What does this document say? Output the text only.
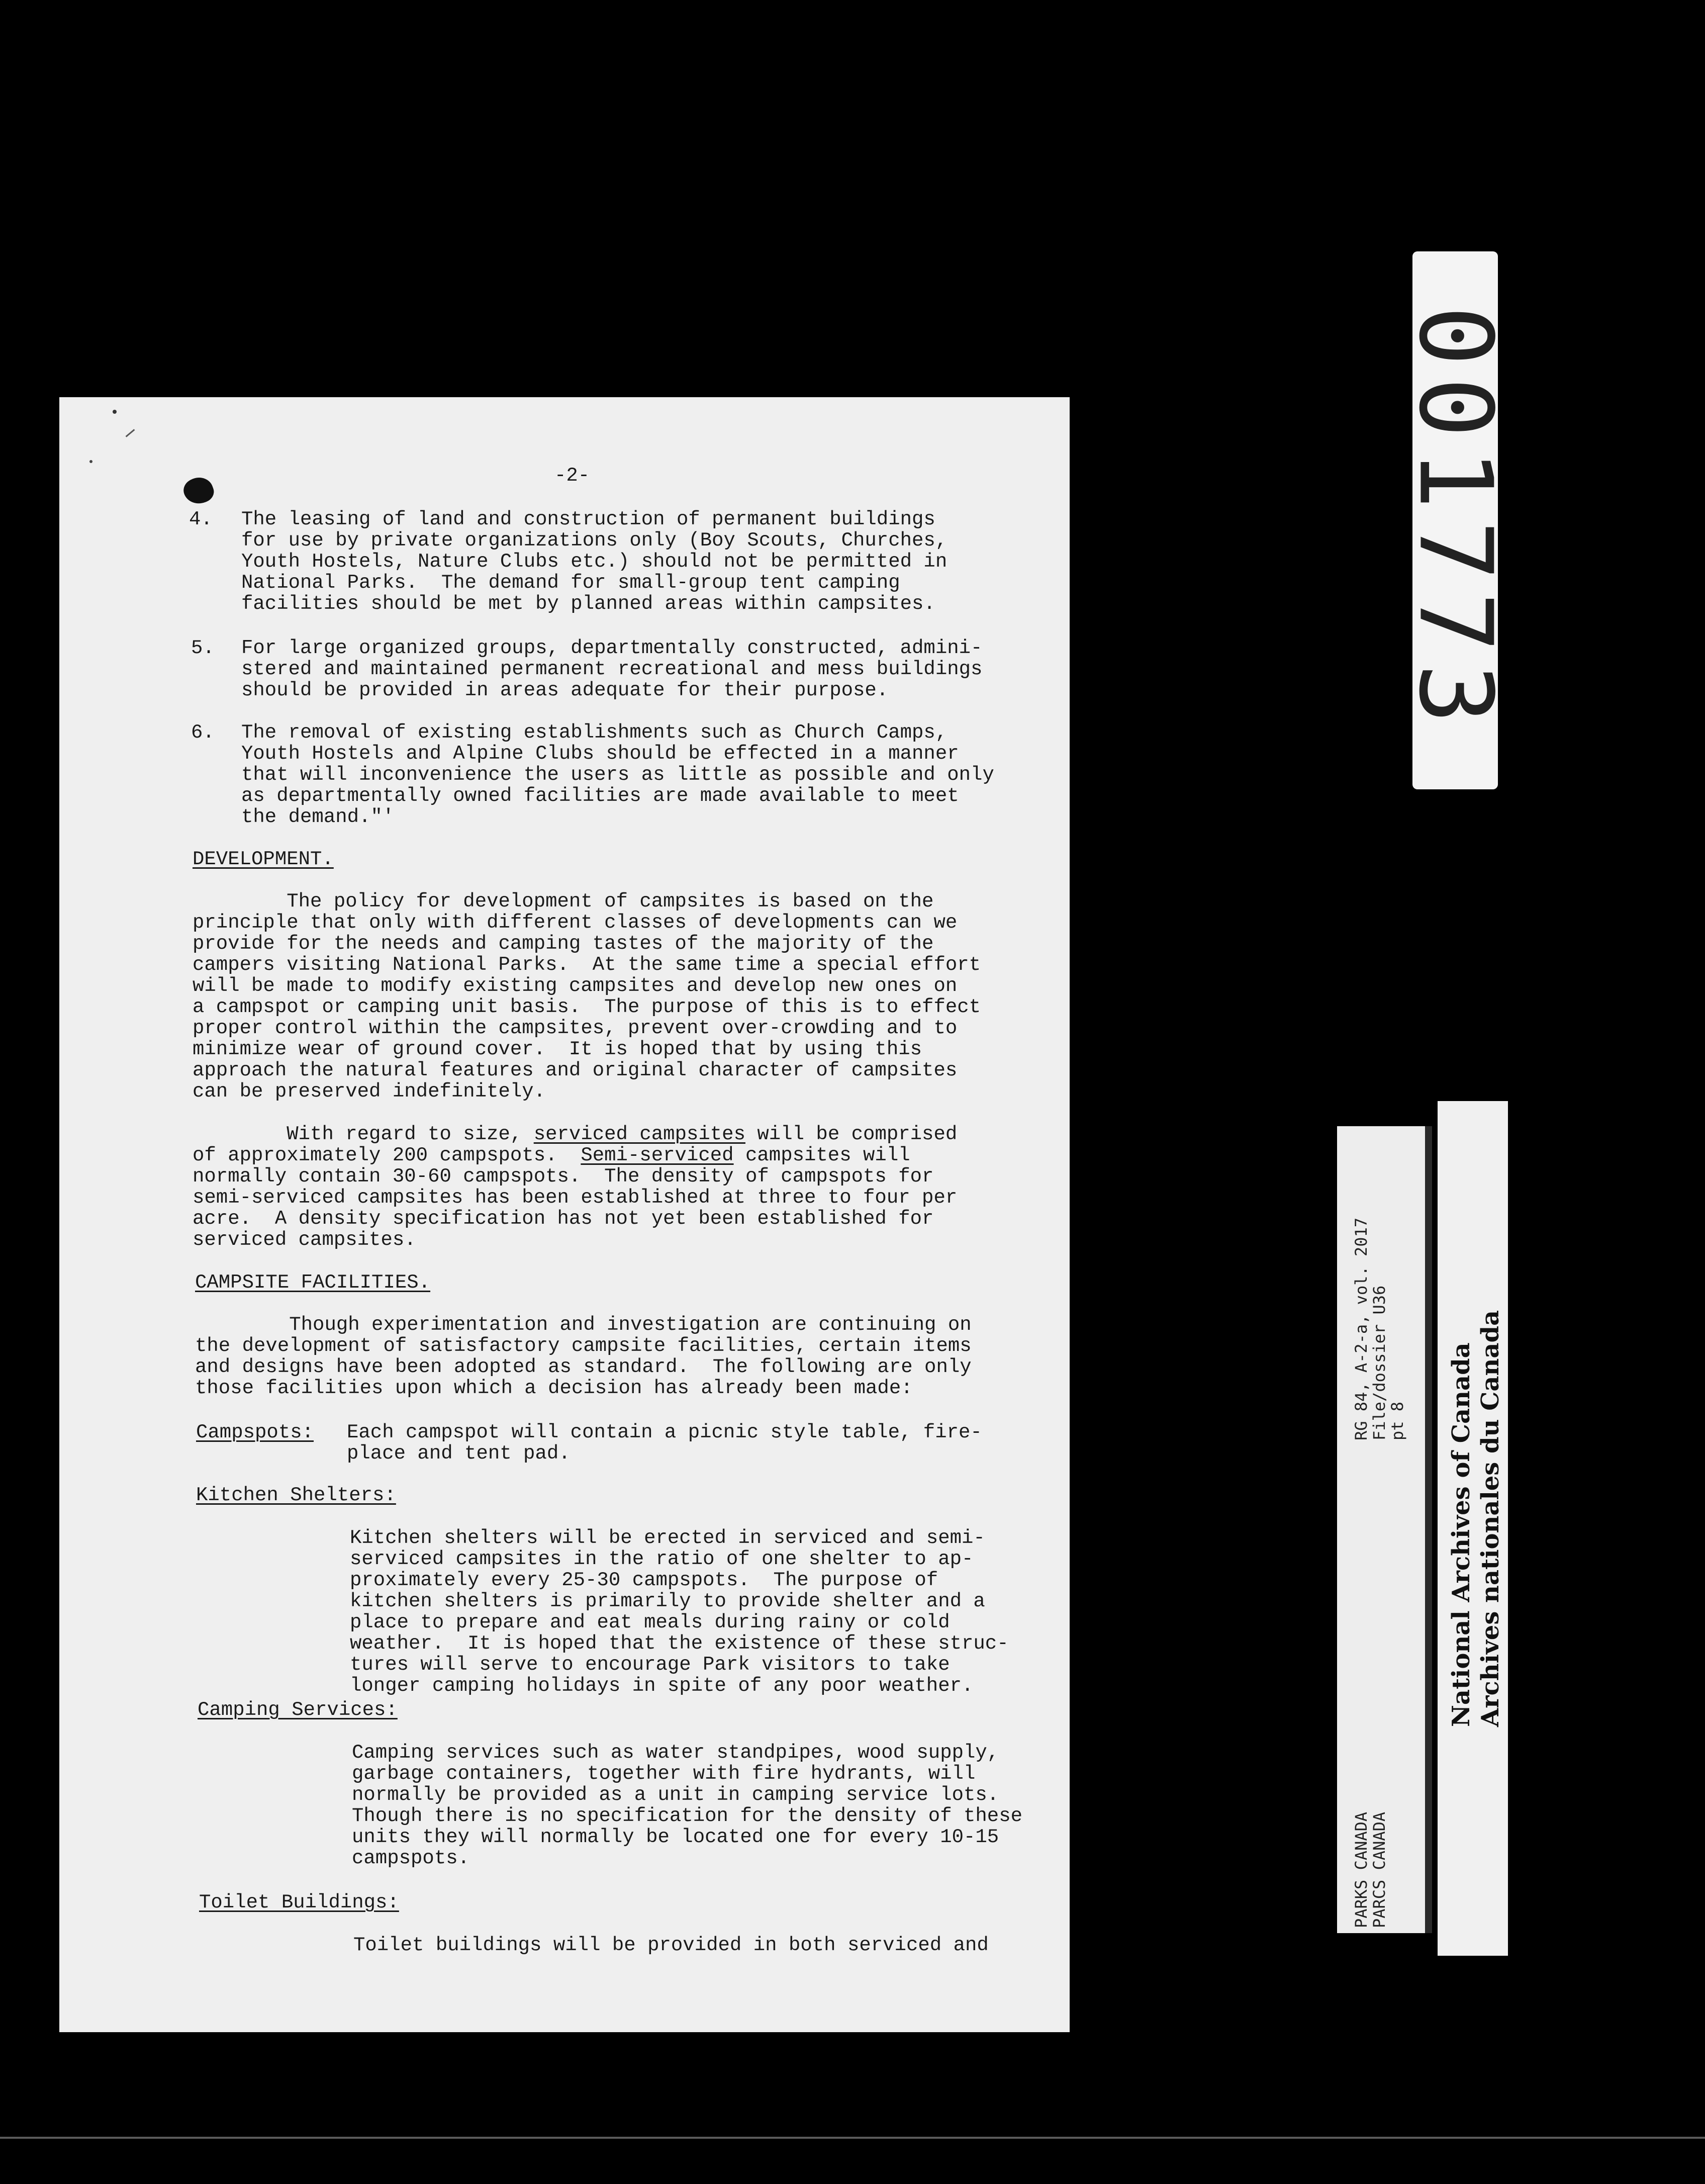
-2-
4. The leasing of land and construction of permanent buildings
for use by private organizations only (Boy Scouts, Churches,
Youth Hostels, Nature Clubs etc.) should not be permitted in
National Parks.  The demand for small-group tent camping
facilities should be met by planned areas within campsites.
5. For large organized groups, departmentally constructed, admini-
stered and maintained permanent recreational and mess buildings
should be provided in areas adequate for their purpose.
6. The removal of existing establishments such as Church Camps,
Youth Hostels and Alpine Clubs should be effected in a manner
that will inconvenience the users as little as possible and only
as departmentally owned facilities are made available to meet
the demand."'
DEVELOPMENT.
The policy for development of campsites is based on the
principle that only with different classes of developments can we
provide for the needs and camping tastes of the majority of the
campers visiting National Parks.  At the same time a special effort
will be made to modify existing campsites and develop new ones on
a campspot or camping unit basis.  The purpose of this is to effect
proper control within the campsites, prevent over-crowding and to
minimize wear of ground cover.  It is hoped that by using this
approach the natural features and original character of campsites
can be preserved indefinitely.
With regard to size, serviced campsites will be comprised
of approximately 200 campspots.  Semi-serviced campsites will
normally contain 30-60 campspots.  The density of campspots for
semi-serviced campsites has been established at three to four per
acre.  A density specification has not yet been established for
serviced campsites.
CAMPSITE FACILITIES.
Though experimentation and investigation are continuing on
the development of satisfactory campsite facilities, certain items
and designs have been adopted as standard.  The following are only
those facilities upon which a decision has already been made:
Campspots: Each campspot will contain a picnic style table, fire-
place and tent pad.
Kitchen Shelters:
Kitchen shelters will be erected in serviced and semi-
serviced campsites in the ratio of one shelter to ap-
proximately every 25-30 campspots.  The purpose of
kitchen shelters is primarily to provide shelter and a
place to prepare and eat meals during rainy or cold
weather.  It is hoped that the existence of these struc-
tures will serve to encourage Park visitors to take
longer camping holidays in spite of any poor weather.
Camping Services:
Camping services such as water standpipes, wood supply,
garbage containers, together with fire hydrants, will
normally be provided as a unit in camping service lots.
Though there is no specification for the density of these
units they will normally be located one for every 10-15
campspots.
Toilet Buildings:
Toilet buildings will be provided in both serviced and
001773
RG 84, A-2-a, vol. 2017
File/dossier U36
pt 8
PARKS CANADA
PARCS CANADA
National Archives of Canada
Archives nationales du Canada
